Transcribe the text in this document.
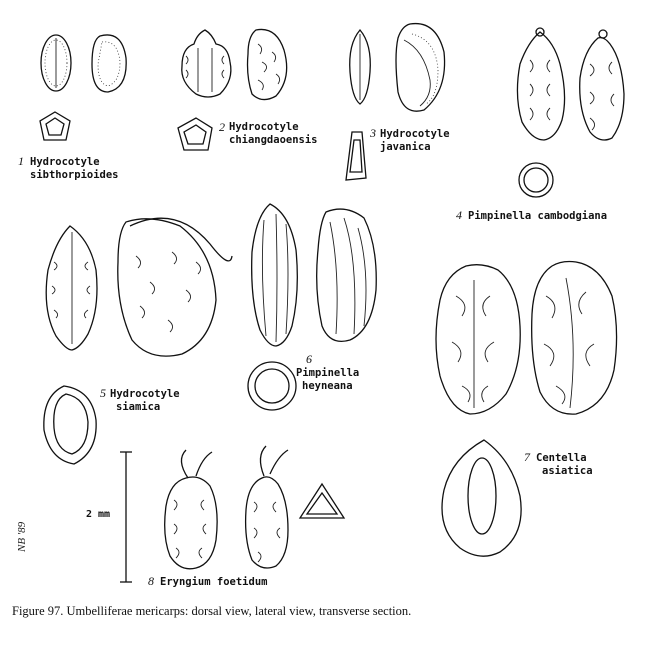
1 Hydrocotyle
sibthorpioides
2 Hydrocotyle
chiangdaoensis	3 Hydrocotyle
javanica
4 Pimpinella cambodgiana
5 Hydrocotyle
siamica
6
Pimpinella
heyneana
7 Centella
asiatica
8 Eryngium foetidum
2 mm
NB '89
Figure 97. Umbelliferae mericarps: dorsal view, lateral view, transverse section.
